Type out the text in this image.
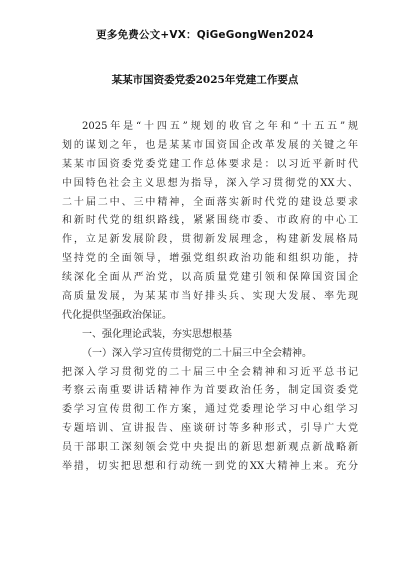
更多免费公文+VX：QiGeGongWen2024
某某市国资委党委2025年党建工作要点
2025年是“十四五”规划的收官之年和“十五五”规
划的谋划之年，也是某某市国资国企改革发展的关键之年
某某市国资委党委党建工作总体要求是：以习近平新时代
中国特色社会主义思想为指导，深入学习贯彻党的XX大、
二十届二中、三中精神，全面落实新时代党的建设总要求
和新时代党的组织路线，紧紧围绕市委、市政府的中心工
作，立足新发展阶段，贯彻新发展理念，构建新发展格局
坚持党的全面领导，增强党组织政治功能和组织功能，持
续深化全面从严治党，以高质量党建引领和保障国资国企
高质量发展，为某某市当好排头兵、实现大发展、率先现
代化提供坚强政治保证。
一、强化理论武装，夯实思想根基
（一）深入学习宣传贯彻党的二十届三中全会精神。
把深入学习贯彻党的二十届三中全会精神和习近平总书记
考察云南重要讲话精神作为首要政治任务，制定国资委党
委学习宣传贯彻工作方案，通过党委理论学习中心组学习
专题培训、宣讲报告、座谈研讨等多种形式，引导广大党
员干部职工深刻领会党中央提出的新思想新观点新战略新
举措，切实把思想和行动统一到党的XX大精神上来。充分
